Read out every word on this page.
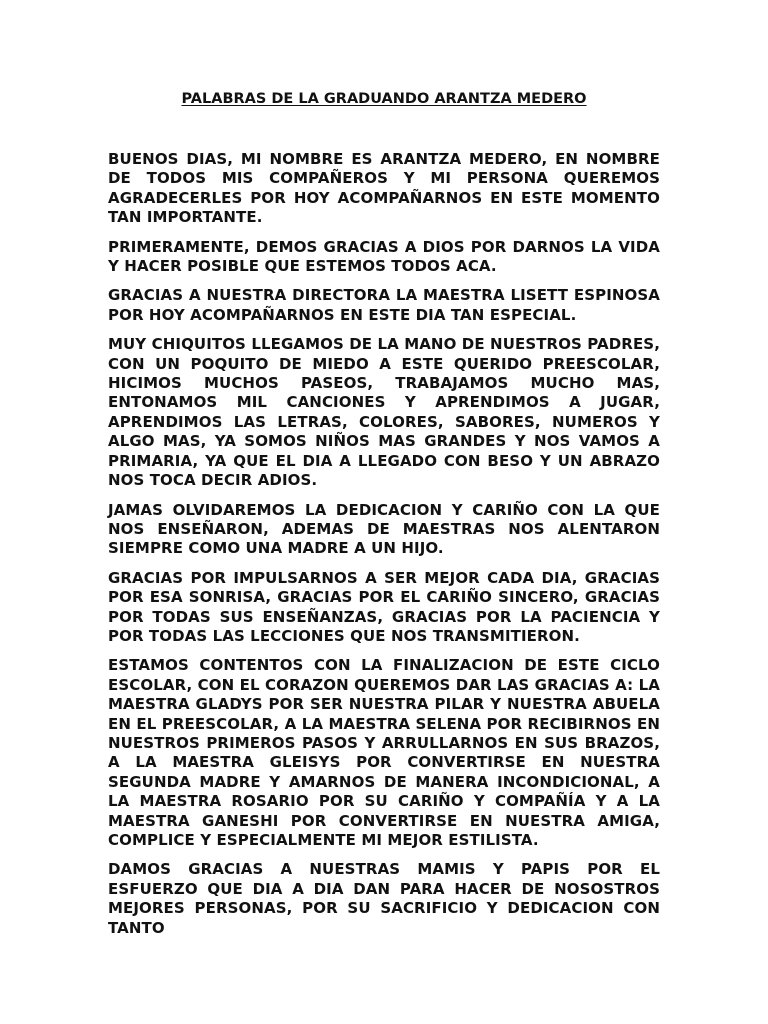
PALABRAS DE LA GRADUANDO ARANTZA MEDERO

BUENOS DIAS, MI NOMBRE ES ARANTZA MEDERO, EN NOMBRE DE TODOS MIS COMPAÑEROS Y MI PERSONA QUEREMOS AGRADECERLES POR HOY ACOMPAÑARNOS EN ESTE MOMENTO TAN IMPORTANTE.

PRIMERAMENTE, DEMOS GRACIAS A DIOS POR DARNOS LA VIDA Y HACER POSIBLE QUE ESTEMOS TODOS ACA.

GRACIAS A NUESTRA DIRECTORA LA MAESTRA LISETT ESPINOSA POR HOY ACOMPAÑARNOS EN ESTE DIA TAN ESPECIAL.

MUY CHIQUITOS LLEGAMOS DE LA MANO DE NUESTROS PADRES, CON UN POQUITO DE MIEDO A ESTE QUERIDO PREESCOLAR, HICIMOS MUCHOS PASEOS, TRABAJAMOS MUCHO MAS, ENTONAMOS MIL CANCIONES Y APRENDIMOS A JUGAR, APRENDIMOS LAS LETRAS, COLORES, SABORES, NUMEROS Y ALGO MAS, YA SOMOS NIÑOS MAS GRANDES Y NOS VAMOS A PRIMARIA, YA QUE EL DIA A LLEGADO CON BESO Y UN ABRAZO NOS TOCA DECIR ADIOS.

JAMAS OLVIDAREMOS LA DEDICACION Y CARIÑO CON LA QUE NOS ENSEÑARON, ADEMAS DE MAESTRAS NOS ALENTARON SIEMPRE COMO UNA MADRE A UN HIJO.

GRACIAS POR IMPULSARNOS A SER MEJOR CADA DIA, GRACIAS POR ESA SONRISA, GRACIAS POR EL CARIÑO SINCERO, GRACIAS POR TODAS SUS ENSEÑANZAS, GRACIAS POR LA PACIENCIA Y POR TODAS LAS LECCIONES QUE NOS TRANSMITIERON.

ESTAMOS CONTENTOS CON LA FINALIZACION DE ESTE CICLO ESCOLAR, CON EL CORAZON QUEREMOS DAR LAS GRACIAS A: LA MAESTRA GLADYS POR SER NUESTRA PILAR Y NUESTRA ABUELA EN EL PREESCOLAR, A LA MAESTRA SELENA POR RECIBIRNOS EN NUESTROS PRIMEROS PASOS Y ARRULLARNOS EN SUS BRAZOS, A LA MAESTRA GLEISYS POR CONVERTIRSE EN NUESTRA SEGUNDA MADRE Y AMARNOS DE MANERA INCONDICIONAL, A LA MAESTRA ROSARIO POR SU CARIÑO Y COMPAÑÍA Y A LA MAESTRA GANESHI POR CONVERTIRSE EN NUESTRA AMIGA, COMPLICE Y ESPECIALMENTE MI MEJOR ESTILISTA.

DAMOS GRACIAS A NUESTRAS MAMIS Y PAPIS POR EL ESFUERZO QUE DIA A DIA DAN PARA HACER DE NOSOSTROS MEJORES PERSONAS, POR SU SACRIFICIO Y DEDICACION CON TANTO
